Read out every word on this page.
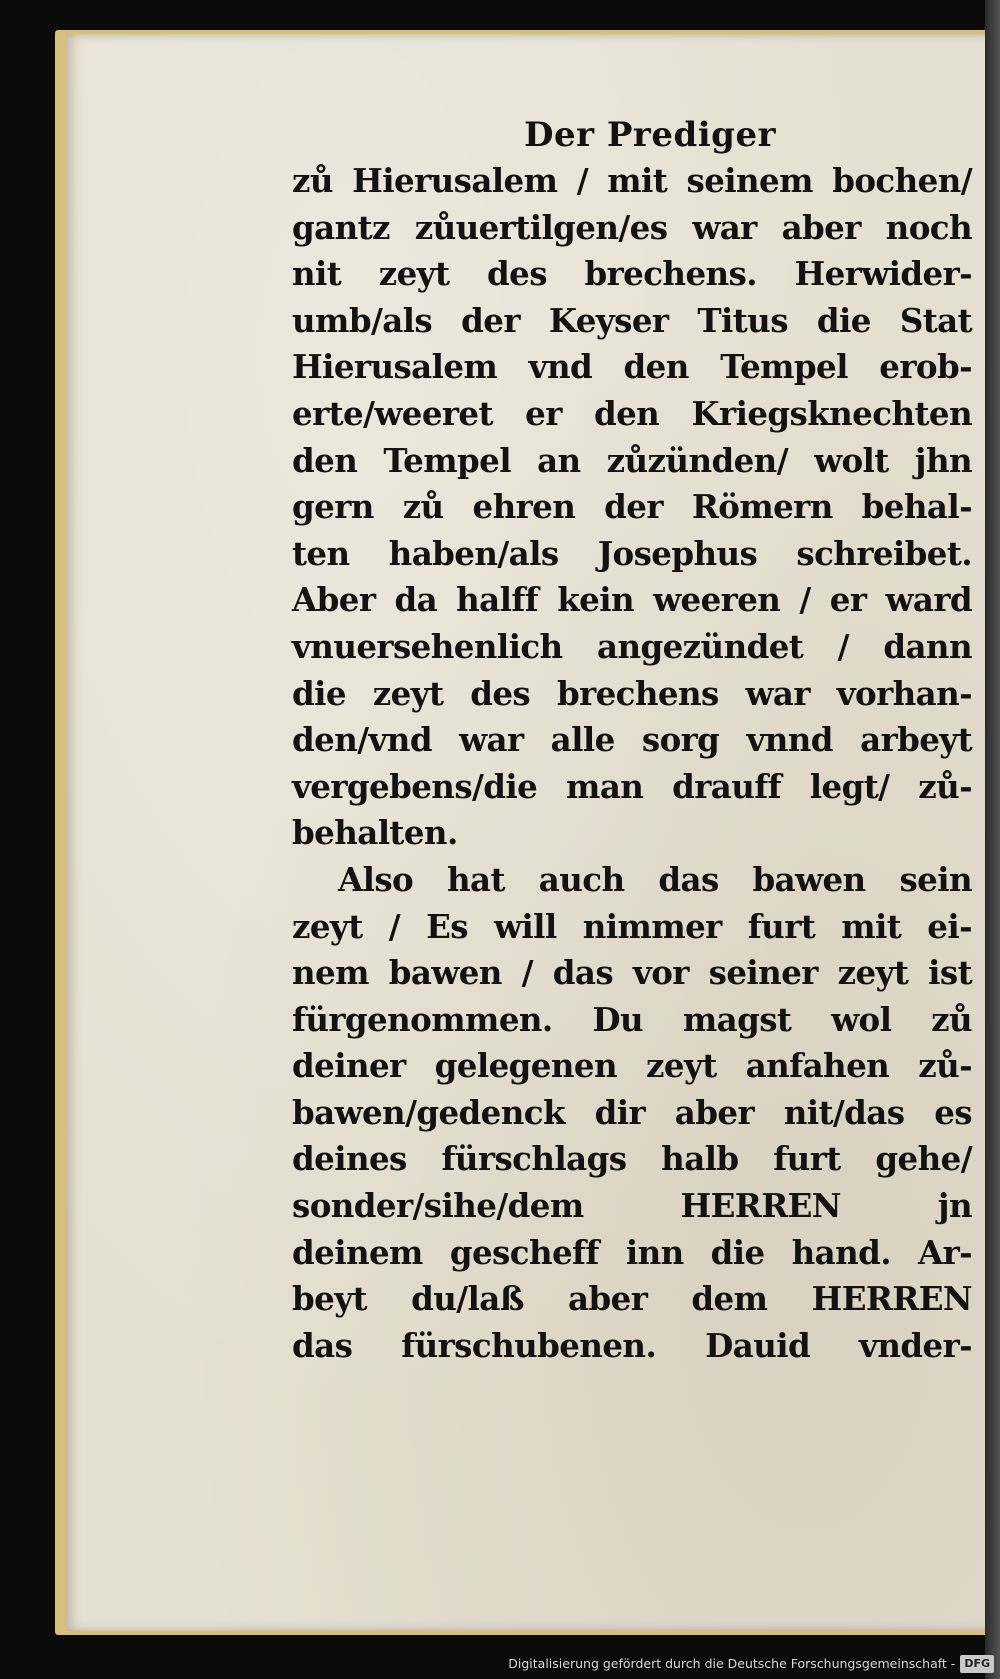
Der Prediger
zů Hierusalem / mit seinem bochen/
gantz zůuertilgen/es war aber noch
nit zeyt des brechens. Herwider-
umb/als der Keyser Titus die Stat
Hierusalem vnd den Tempel erob-
erte/weeret er den Kriegsknechten
den Tempel an zůzünden/ wolt jhn
gern zů ehren der Römern behal-
ten haben/als Josephus schreibet.
Aber da halff kein weeren / er ward
vnuersehenlich angezündet / dann
die zeyt des brechens war vorhan-
den/vnd war alle sorg vnnd arbeyt
vergebens/die man drauff legt/ zů-
behalten.
Also hat auch das bawen sein
zeyt / Es will nimmer furt mit ei-
nem bawen / das vor seiner zeyt ist
fürgenommen. Du magst wol zů
deiner gelegenen zeyt anfahen zů-
bawen/gedenck dir aber nit/das es
deines fürschlags halb furt gehe/
sonder/sihe/dem HERREN jn
deinem gescheff inn die hand. Ar-
beyt du/laß aber dem HERREN
das fürschubenen. Dauid vnder-
Digitalisierung gefördert durch die Deutsche Forschungsgemeinschaft - DFG
